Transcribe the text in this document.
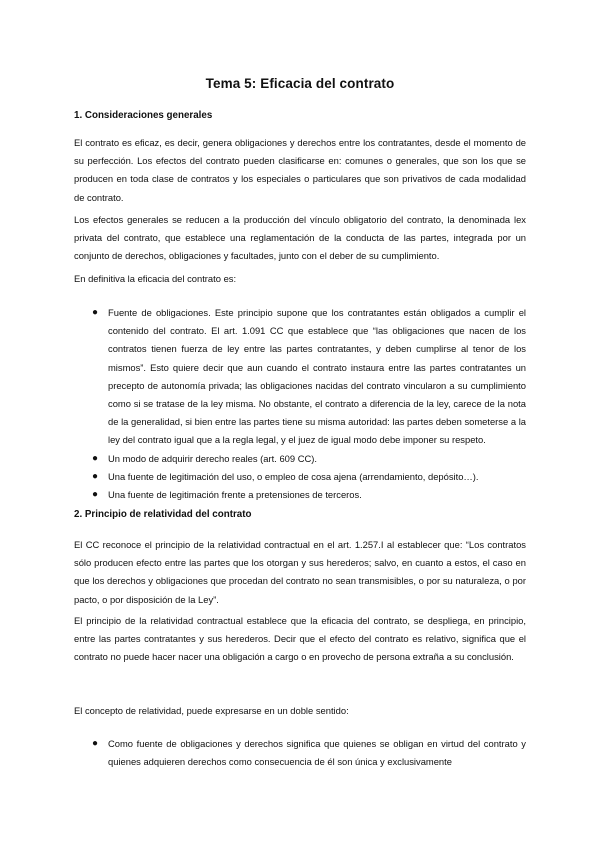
Tema 5: Eficacia del contrato
1. Consideraciones generales
El contrato es eficaz, es decir, genera obligaciones y derechos entre los contratantes, desde el momento de su perfección. Los efectos del contrato pueden clasificarse en: comunes o generales, que son los que se producen en toda clase de contratos y los especiales o particulares que son privativos de cada modalidad de contrato.
Los efectos generales se reducen a la producción del vínculo obligatorio del contrato, la denominada lex privata del contrato, que establece una reglamentación de la conducta de las partes, integrada por un conjunto de derechos, obligaciones y facultades, junto con el deber de su cumplimiento.
En definitiva la eficacia del contrato es:
● Fuente de obligaciones. Este principio supone que los contratantes están obligados a cumplir el contenido del contrato. El art. 1.091 CC que establece que “las obligaciones que nacen de los contratos tienen fuerza de ley entre las partes contratantes, y deben cumplirse al tenor de los mismos”. Esto quiere decir que aun cuando el contrato instaura entre las partes contratantes un precepto de autonomía privada; las obligaciones nacidas del contrato vincularon a su cumplimiento como si se tratase de la ley misma. No obstante, el contrato a diferencia de la ley, carece de la nota de la generalidad, si bien entre las partes tiene su misma autoridad: las partes deben someterse a la ley del contrato igual que a la regla legal, y el juez de igual modo debe imponer su respeto.
● Un modo de adquirir derecho reales (art. 609 CC).
● Una fuente de legitimación del uso, o empleo de cosa ajena (arrendamiento, depósito…).
● Una fuente de legitimación frente a pretensiones de terceros.
2. Principio de relatividad del contrato
El CC reconoce el principio de la relatividad contractual en el art. 1.257.I al establecer que: “Los contratos sólo producen efecto entre las partes que los otorgan y sus herederos; salvo, en cuanto a estos, el caso en que los derechos y obligaciones que procedan del contrato no sean transmisibles, o por su naturaleza, o por pacto, o por disposición de la Ley”.
El principio de la relatividad contractual establece que la eficacia del contrato, se despliega, en principio, entre las partes contratantes y sus herederos. Decir que el efecto del contrato es relativo, significa que el contrato no puede hacer nacer una obligación a cargo o en provecho de persona extraña a su conclusión.
El concepto de relatividad, puede expresarse en un doble sentido:
● Como fuente de obligaciones y derechos significa que quienes se obligan en virtud del contrato y quienes adquieren derechos como consecuencia de él son única y exclusivamente
